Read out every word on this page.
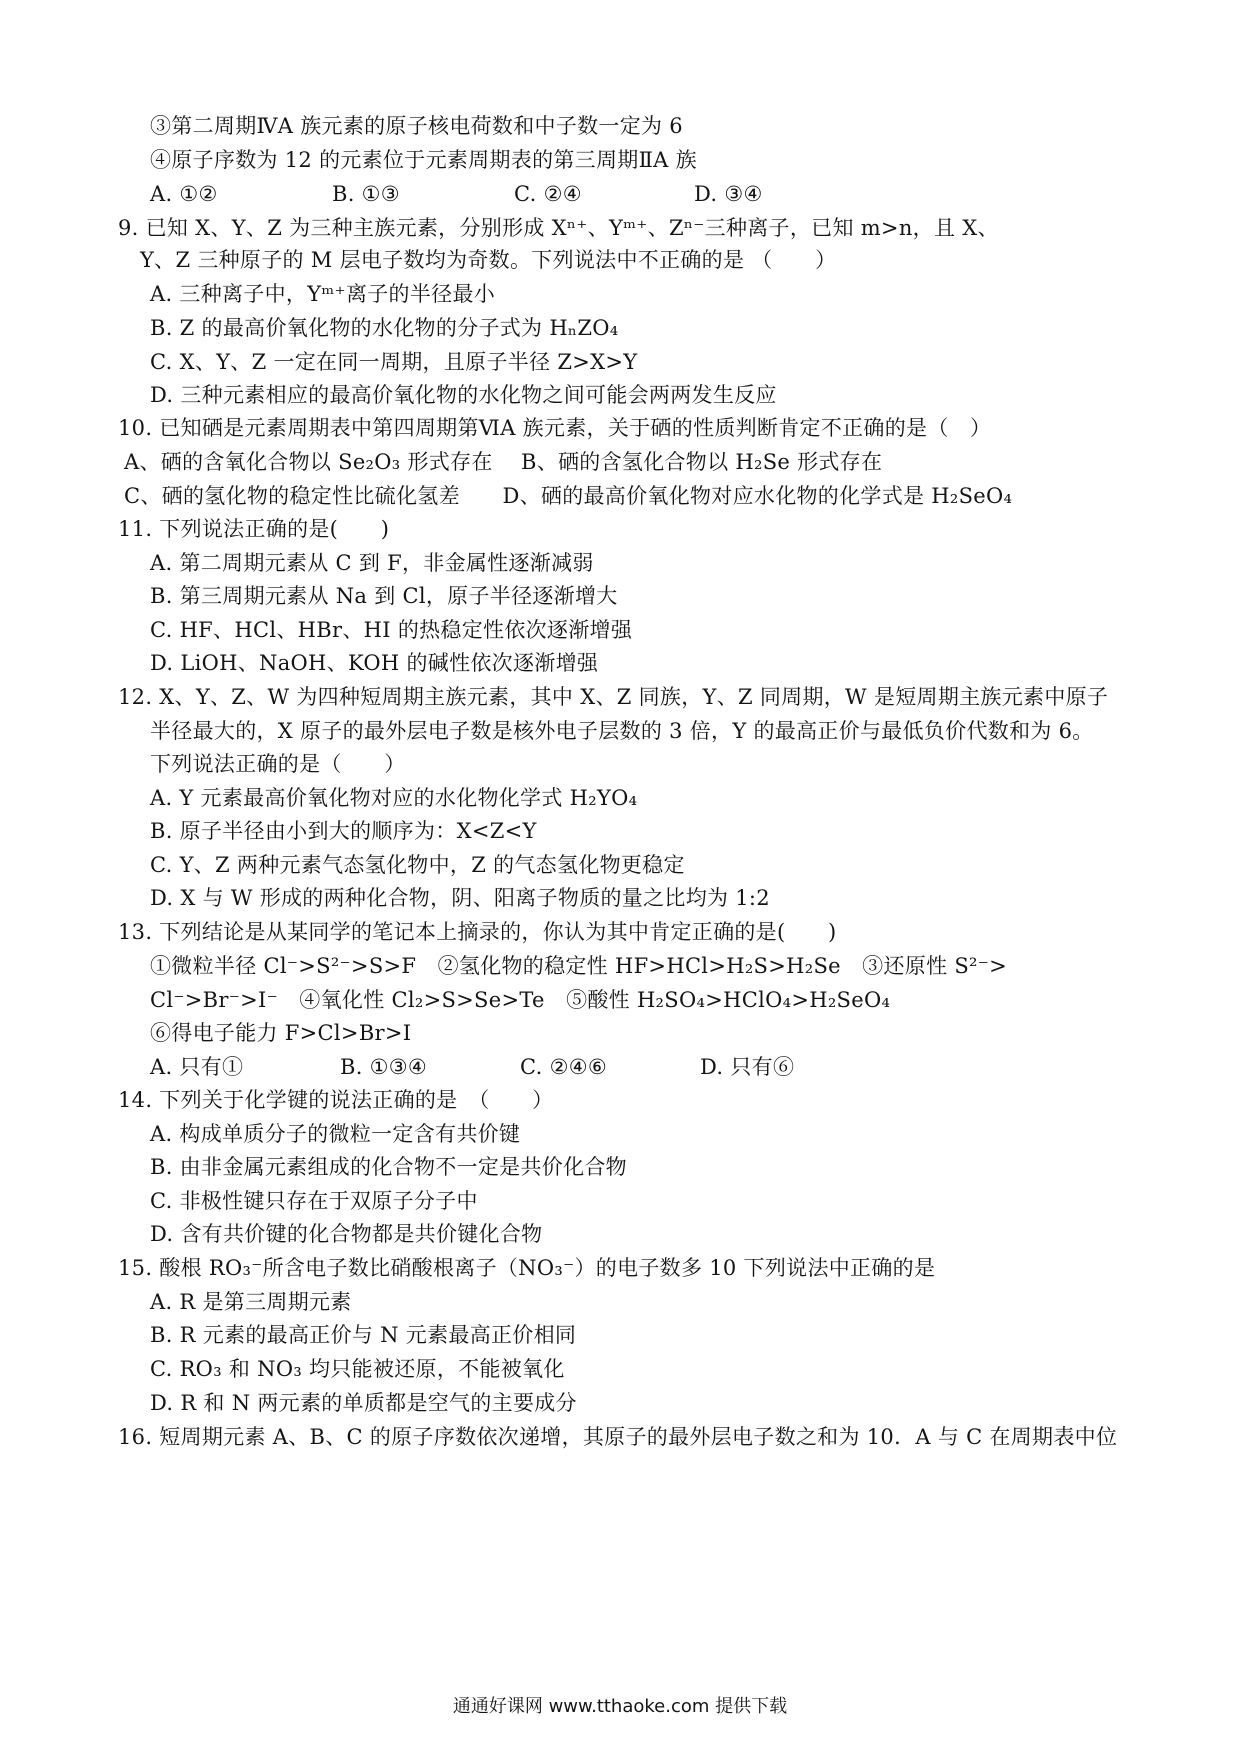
③第二周期ⅣA 族元素的原子核电荷数和中子数一定为 6
④原子序数为 12 的元素位于元素周期表的第三周期ⅡA 族
A. ①②	B. ①③	C. ②④	D. ③④
9. 已知 X、Y、Z 为三种主族元素，分别形成 Xⁿ⁺、Yᵐ⁺、Zⁿ⁻三种离子，已知 m>n，且 X、
Y、Z 三种原子的 M 层电子数均为奇数。下列说法中不正确的是 （　　）
A. 三种离子中，Yᵐ⁺离子的半径最小
B. Z 的最高价氧化物的水化物的分子式为 HₙZO₄
C. X、Y、Z 一定在同一周期，且原子半径 Z>X>Y
D. 三种元素相应的最高价氧化物的水化物之间可能会两两发生反应
10. 已知硒是元素周期表中第四周期第ⅥA 族元素，关于硒的性质判断肯定不正确的是（　）
A、硒的含氧化合物以 Se₂O₃ 形式存在　 B、硒的含氢化合物以 H₂Se 形式存在
C、硒的氢化物的稳定性比硫化氢差　　D、硒的最高价氧化物对应水化物的化学式是 H₂SeO₄
11. 下列说法正确的是(　　)
A. 第二周期元素从 C 到 F，非金属性逐渐减弱
B. 第三周期元素从 Na 到 Cl，原子半径逐渐增大
C. HF、HCl、HBr、HI 的热稳定性依次逐渐增强
D. LiOH、NaOH、KOH 的碱性依次逐渐增强
12. X、Y、Z、W 为四种短周期主族元素，其中 X、Z 同族，Y、Z 同周期，W 是短周期主族元素中原子
半径最大的，X 原子的最外层电子数是核外电子层数的 3 倍，Y 的最高正价与最低负价代数和为 6。
下列说法正确的是（　　）
A. Y 元素最高价氧化物对应的水化物化学式 H₂YO₄
B. 原子半径由小到大的顺序为：X<Z<Y
C. Y、Z 两种元素气态氢化物中，Z 的气态氢化物更稳定
D. X 与 W 形成的两种化合物，阴、阳离子物质的量之比均为 1:2
13. 下列结论是从某同学的笔记本上摘录的，你认为其中肯定正确的是(　　)
①微粒半径 Cl⁻>S²⁻>S>F　②氢化物的稳定性 HF>HCl>H₂S>H₂Se　③还原性 S²⁻>
Cl⁻>Br⁻>I⁻　④氧化性 Cl₂>S>Se>Te　⑤酸性 H₂SO₄>HClO₄>H₂SeO₄
⑥得电子能力 F>Cl>Br>I
A. 只有①	B. ①③④	C. ②④⑥	D. 只有⑥
14. 下列关于化学键的说法正确的是　（　　）
A. 构成单质分子的微粒一定含有共价键
B. 由非金属元素组成的化合物不一定是共价化合物
C. 非极性键只存在于双原子分子中
D. 含有共价键的化合物都是共价键化合物
15. 酸根 RO₃⁻所含电子数比硝酸根离子（NO₃⁻）的电子数多 10 下列说法中正确的是
A. R 是第三周期元素
B. R 元素的最高正价与 N 元素最高正价相同
C. RO₃ 和 NO₃ 均只能被还原，不能被氧化
D. R 和 N 两元素的单质都是空气的主要成分
16. 短周期元素 A、B、C 的原子序数依次递增，其原子的最外层电子数之和为 10．A 与 C 在周期表中位
通通好课网 www.tthaoke.com 提供下载
